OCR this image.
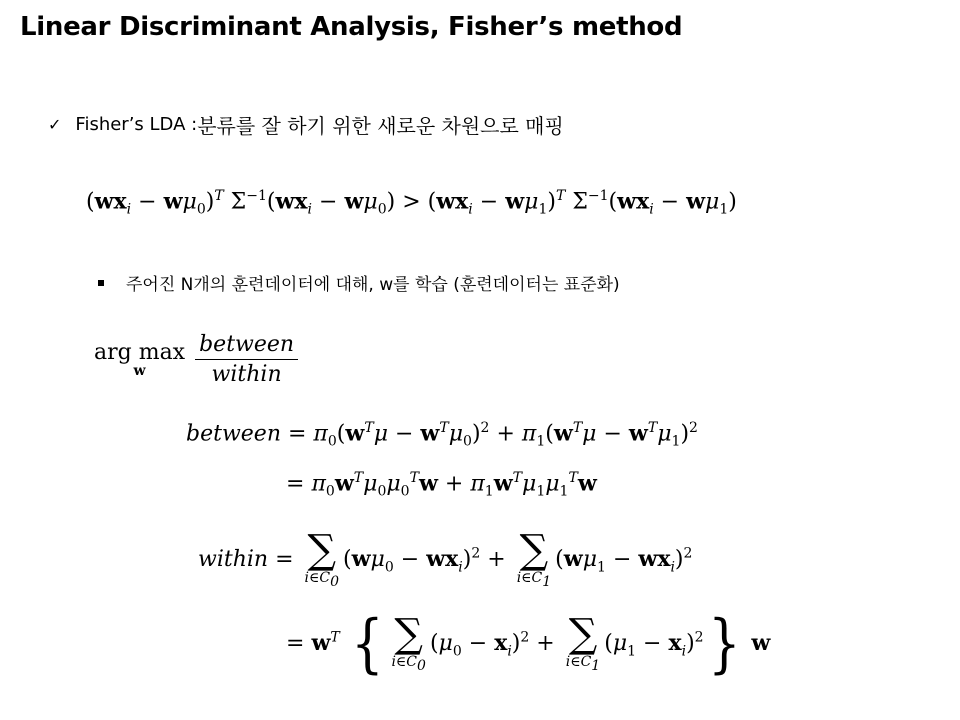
Linear Discriminant Analysis, Fisher’s method
✓ Fisher’s LDA : 분류를 잘 하기 위한 새로운 차원으로 매핑
$(wx_i - w\mu_0)^T$ $\Sigma^{-1}(wx_i - w\mu_0) > (wx_i - w\mu_1)^T$ $\Sigma^{-1}(wx_i - w\mu_1)$
주어진 N개의 훈련데이터에 대해, w를 학습 (훈련데이터는 표준화)
arg max
w $\frac{\text{between}}{\text{within}}$
between = $\pi_0(w^T\mu - w^T\mu_0)^2 + \pi_1(w^T\mu - w^T\mu_1)^2$
= $\pi_0w^T\mu_0\mu_0^Tw + \pi_1w^T\mu_1\mu_1^Tw$
within = ∑
$i\in C_0$
$(w\mu_0 - wx_i)^2$ + ∑
$i\in C_1$
$(w\mu_1 - wx_i)^2$
= $w^T$ { ∑
$i\in C_0$
$(\mu_0 - x_i)^2$ + ∑
$i\in C_1$
$(\mu_1 - x_i)^2$} w
